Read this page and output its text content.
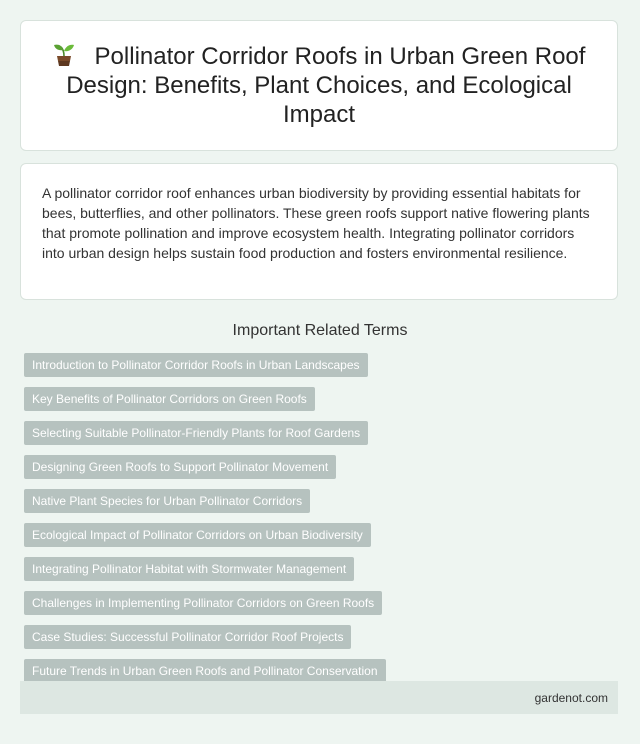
Pollinator Corridor Roofs in Urban Green Roof Design: Benefits, Plant Choices, and Ecological Impact

A pollinator corridor roof enhances urban biodiversity by providing essential habitats for bees, butterflies, and other pollinators. These green roofs support native flowering plants that promote pollination and improve ecosystem health. Integrating pollinator corridors into urban design helps sustain food production and fosters environmental resilience.

Important Related Terms
Introduction to Pollinator Corridor Roofs in Urban Landscapes
Key Benefits of Pollinator Corridors on Green Roofs
Selecting Suitable Pollinator-Friendly Plants for Roof Gardens
Designing Green Roofs to Support Pollinator Movement
Native Plant Species for Urban Pollinator Corridors
Ecological Impact of Pollinator Corridors on Urban Biodiversity
Integrating Pollinator Habitat with Stormwater Management
Challenges in Implementing Pollinator Corridors on Green Roofs
Case Studies: Successful Pollinator Corridor Roof Projects
Future Trends in Urban Green Roofs and Pollinator Conservation
gardenot.com
